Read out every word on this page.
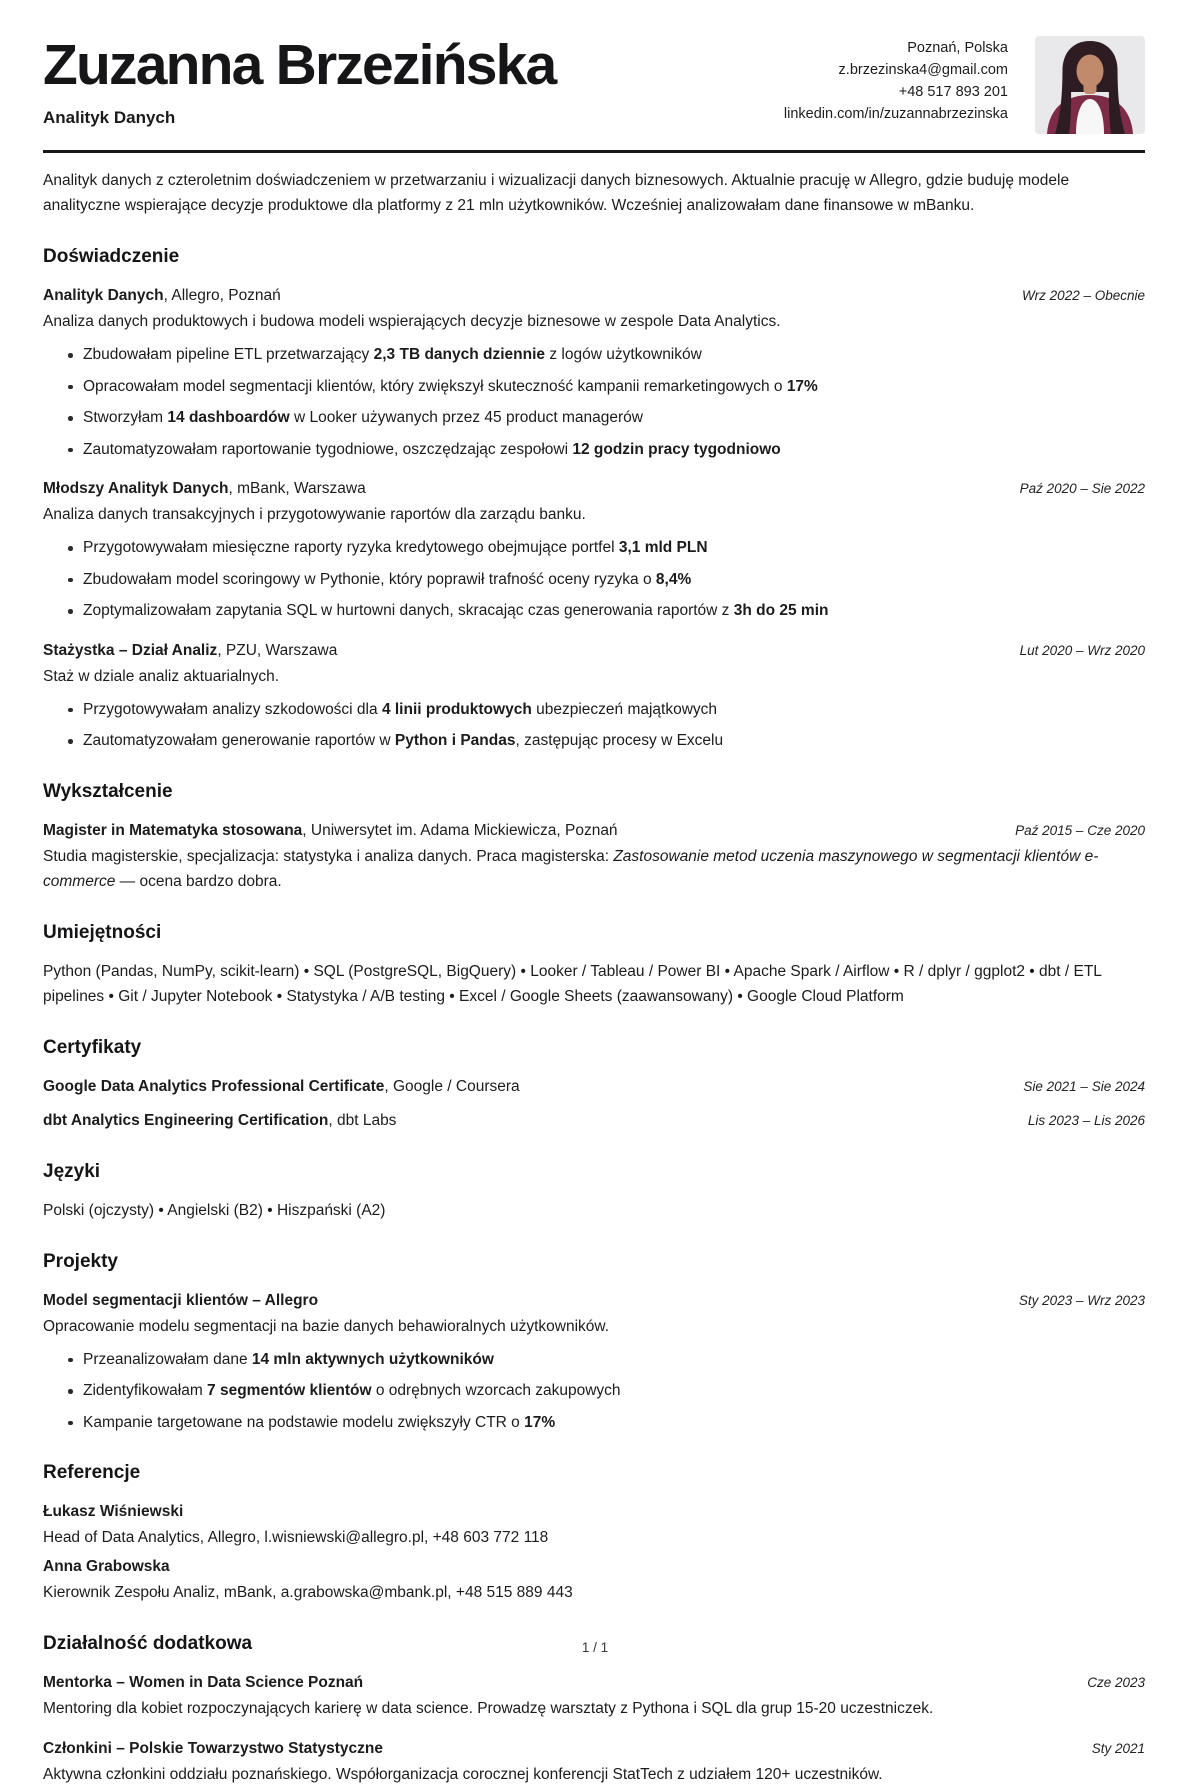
Zuzanna Brzezińska
Analityk Danych
Poznań, Polska
z.brzezinska4@gmail.com
+48 517 893 201
linkedin.com/in/zuzannabrzezinska

Analityk danych z czteroletnim doświadczeniem w przetwarzaniu i wizualizacji danych biznesowych. Aktualnie pracuję w Allegro, gdzie buduję modele analityczne wspierające decyzje produktowe dla platformy z 21 mln użytkowników. Wcześniej analizowałam dane finansowe w mBanku.

Doświadczenie

Analityk Danych, Allegro, Poznań	Wrz 2022 – Obecnie

Analiza danych produktowych i budowa modeli wspierających decyzje biznesowe w zespole Data Analytics.

Zbudowałam pipeline ETL przetwarzający 2,3 TB danych dziennie z logów użytkowników
Opracowałam model segmentacji klientów, który zwiększył skuteczność kampanii remarketingowych o 17%
Stworzyłam 14 dashboardów w Looker używanych przez 45 product managerów
Zautomatyzowałam raportowanie tygodniowe, oszczędzając zespołowi 12 godzin pracy tygodniowo

Młodszy Analityk Danych, mBank, Warszawa	Paź 2020 – Sie 2022

Analiza danych transakcyjnych i przygotowywanie raportów dla zarządu banku.

Przygotowywałam miesięczne raporty ryzyka kredytowego obejmujące portfel 3,1 mld PLN
Zbudowałam model scoringowy w Pythonie, który poprawił trafność oceny ryzyka o 8,4%
Zoptymalizowałam zapytania SQL w hurtowni danych, skracając czas generowania raportów z 3h do 25 min

Stażystka – Dział Analiz, PZU, Warszawa	Lut 2020 – Wrz 2020

Staż w dziale analiz aktuarialnych.

Przygotowywałam analizy szkodowości dla 4 linii produktowych ubezpieczeń majątkowych
Zautomatyzowałam generowanie raportów w Python i Pandas, zastępując procesy w Excelu
Wykształcenie

Magister in Matematyka stosowana, Uniwersytet im. Adama Mickiewicza, Poznań	Paź 2015 – Cze 2020

Studia magisterskie, specjalizacja: statystyka i analiza danych. Praca magisterska: Zastosowanie metod uczenia maszynowego w segmentacji klientów e-commerce — ocena bardzo dobra.

Umiejętności

Python (Pandas, NumPy, scikit-learn) • SQL (PostgreSQL, BigQuery) • Looker / Tableau / Power BI • Apache Spark / Airflow • R / dplyr / ggplot2 • dbt / ETL pipelines • Git / Jupyter Notebook • Statystyka / A/B testing • Excel / Google Sheets (zaawansowany) • Google Cloud Platform

Certyfikaty

Google Data Analytics Professional Certificate, Google / Coursera	Sie 2021 – Sie 2024

dbt Analytics Engineering Certification, dbt Labs	Lis 2023 – Lis 2026
Języki

Polski (ojczysty) • Angielski (B2) • Hiszpański (A2)

Projekty

Model segmentacji klientów – Allegro	Sty 2023 – Wrz 2023

Opracowanie modelu segmentacji na bazie danych behawioralnych użytkowników.

Przeanalizowałam dane 14 mln aktywnych użytkowników
Zidentyfikowałam 7 segmentów klientów o odrębnych wzorcach zakupowych
Kampanie targetowane na podstawie modelu zwiększyły CTR o 17%
Referencje

Łukasz Wiśniewski

Head of Data Analytics, Allegro, l.wisniewski@allegro.pl, +48 603 772 118

Anna Grabowska

Kierownik Zespołu Analiz, mBank, a.grabowska@mbank.pl, +48 515 889 443

Działalność dodatkowa

Mentorka – Women in Data Science Poznań	Cze 2023

Mentoring dla kobiet rozpoczynających karierę w data science. Prowadzę warsztaty z Pythona i SQL dla grup 15-20 uczestniczek.

Członkini – Polskie Towarzystwo Statystyczne	Sty 2021

Aktywna członkini oddziału poznańskiego. Współorganizacja corocznej konferencji StatTech z udziałem 120+ uczestników.

1 / 1
